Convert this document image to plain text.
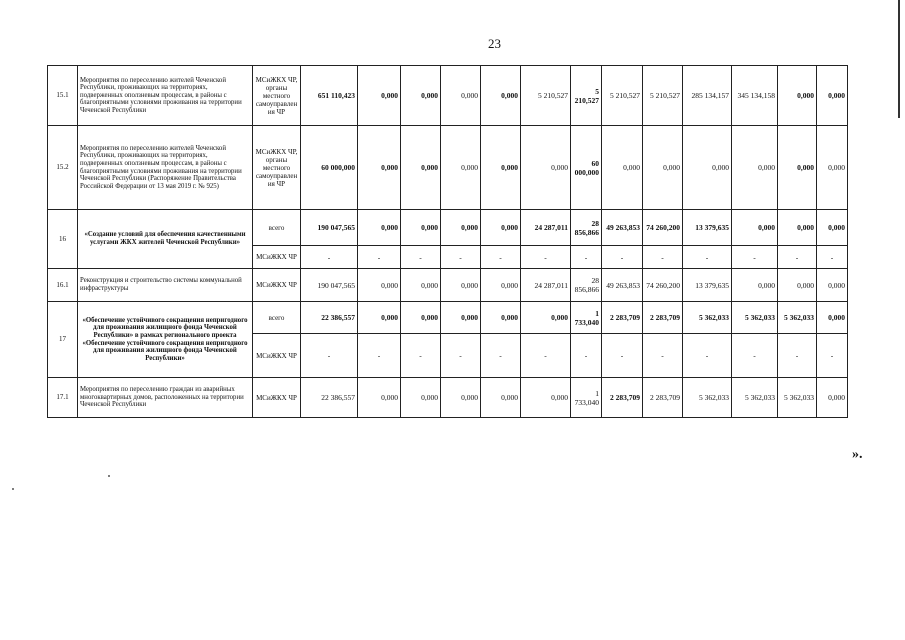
23
15.1	Мероприятия по переселению жителей Чеченской Республики, проживающих на территориях, подверженных оползневым процессам, в районы с благоприятными условиями проживания на территории Чеченской Республики	МСиЖКХ ЧР, органы местного самоуправления ЧР	651 110,423	0,000	0,000	0,000	0,000	5 210,527	5 210,527	5 210,527	5 210,527	285 134,157	345 134,158	0,000	0,000
15.2	Мероприятия по переселению жителей Чеченской Республики, проживающих на территориях, подверженных оползневым процессам, в районы с благоприятными условиями проживания на территории Чеченской Республики (Распоряжение Правительства Российской Федерации от 13 мая 2019 г. № 925)	МСиЖКХ ЧР, органы местного самоуправления ЧР	60 000,000	0,000	0,000	0,000	0,000	0,000	60 000,000	0,000	0,000	0,000	0,000	0,000	0,000
16	«Создание условий для обеспечения качественными услугами ЖКХ жителей Чеченской Республики»	всего	190 047,565	0,000	0,000	0,000	0,000	24 287,011	28 856,866	49 263,853	74 260,200	13 379,635	0,000	0,000	0,000
		МСиЖКХ ЧР	-	-	-	-	-	-	-	-	-	-	-	-	-
16.1	Реконструкция и строительство системы коммунальной инфраструктуры	МСиЖКХ ЧР	190 047,565	0,000	0,000	0,000	0,000	24 287,011	28 856,866	49 263,853	74 260,200	13 379,635	0,000	0,000	0,000
17	«Обеспечение устойчивого сокращения непригодного для проживания жилищного фонда Чеченской Республики» в рамках регионального проекта «Обеспечение устойчивого сокращения непригодного для проживания жилищного фонда Чеченской Республики»	всего	22 386,557	0,000	0,000	0,000	0,000	0,000	1 733,040	2 283,709	2 283,709	5 362,033	5 362,033	5 362,033	0,000
		МСиЖКХ ЧР	-	-	-	-	-	-	-	-	-	-	-	-	-
17.1	Мероприятия по переселению граждан из аварийных многоквартирных домов, расположенных на территории Чеченской Республики	МСиЖКХ ЧР	22 386,557	0,000	0,000	0,000	0,000	0,000	1 733,040	2 283,709	2 283,709	5 362,033	5 362,033	5 362,033	0,000
».
